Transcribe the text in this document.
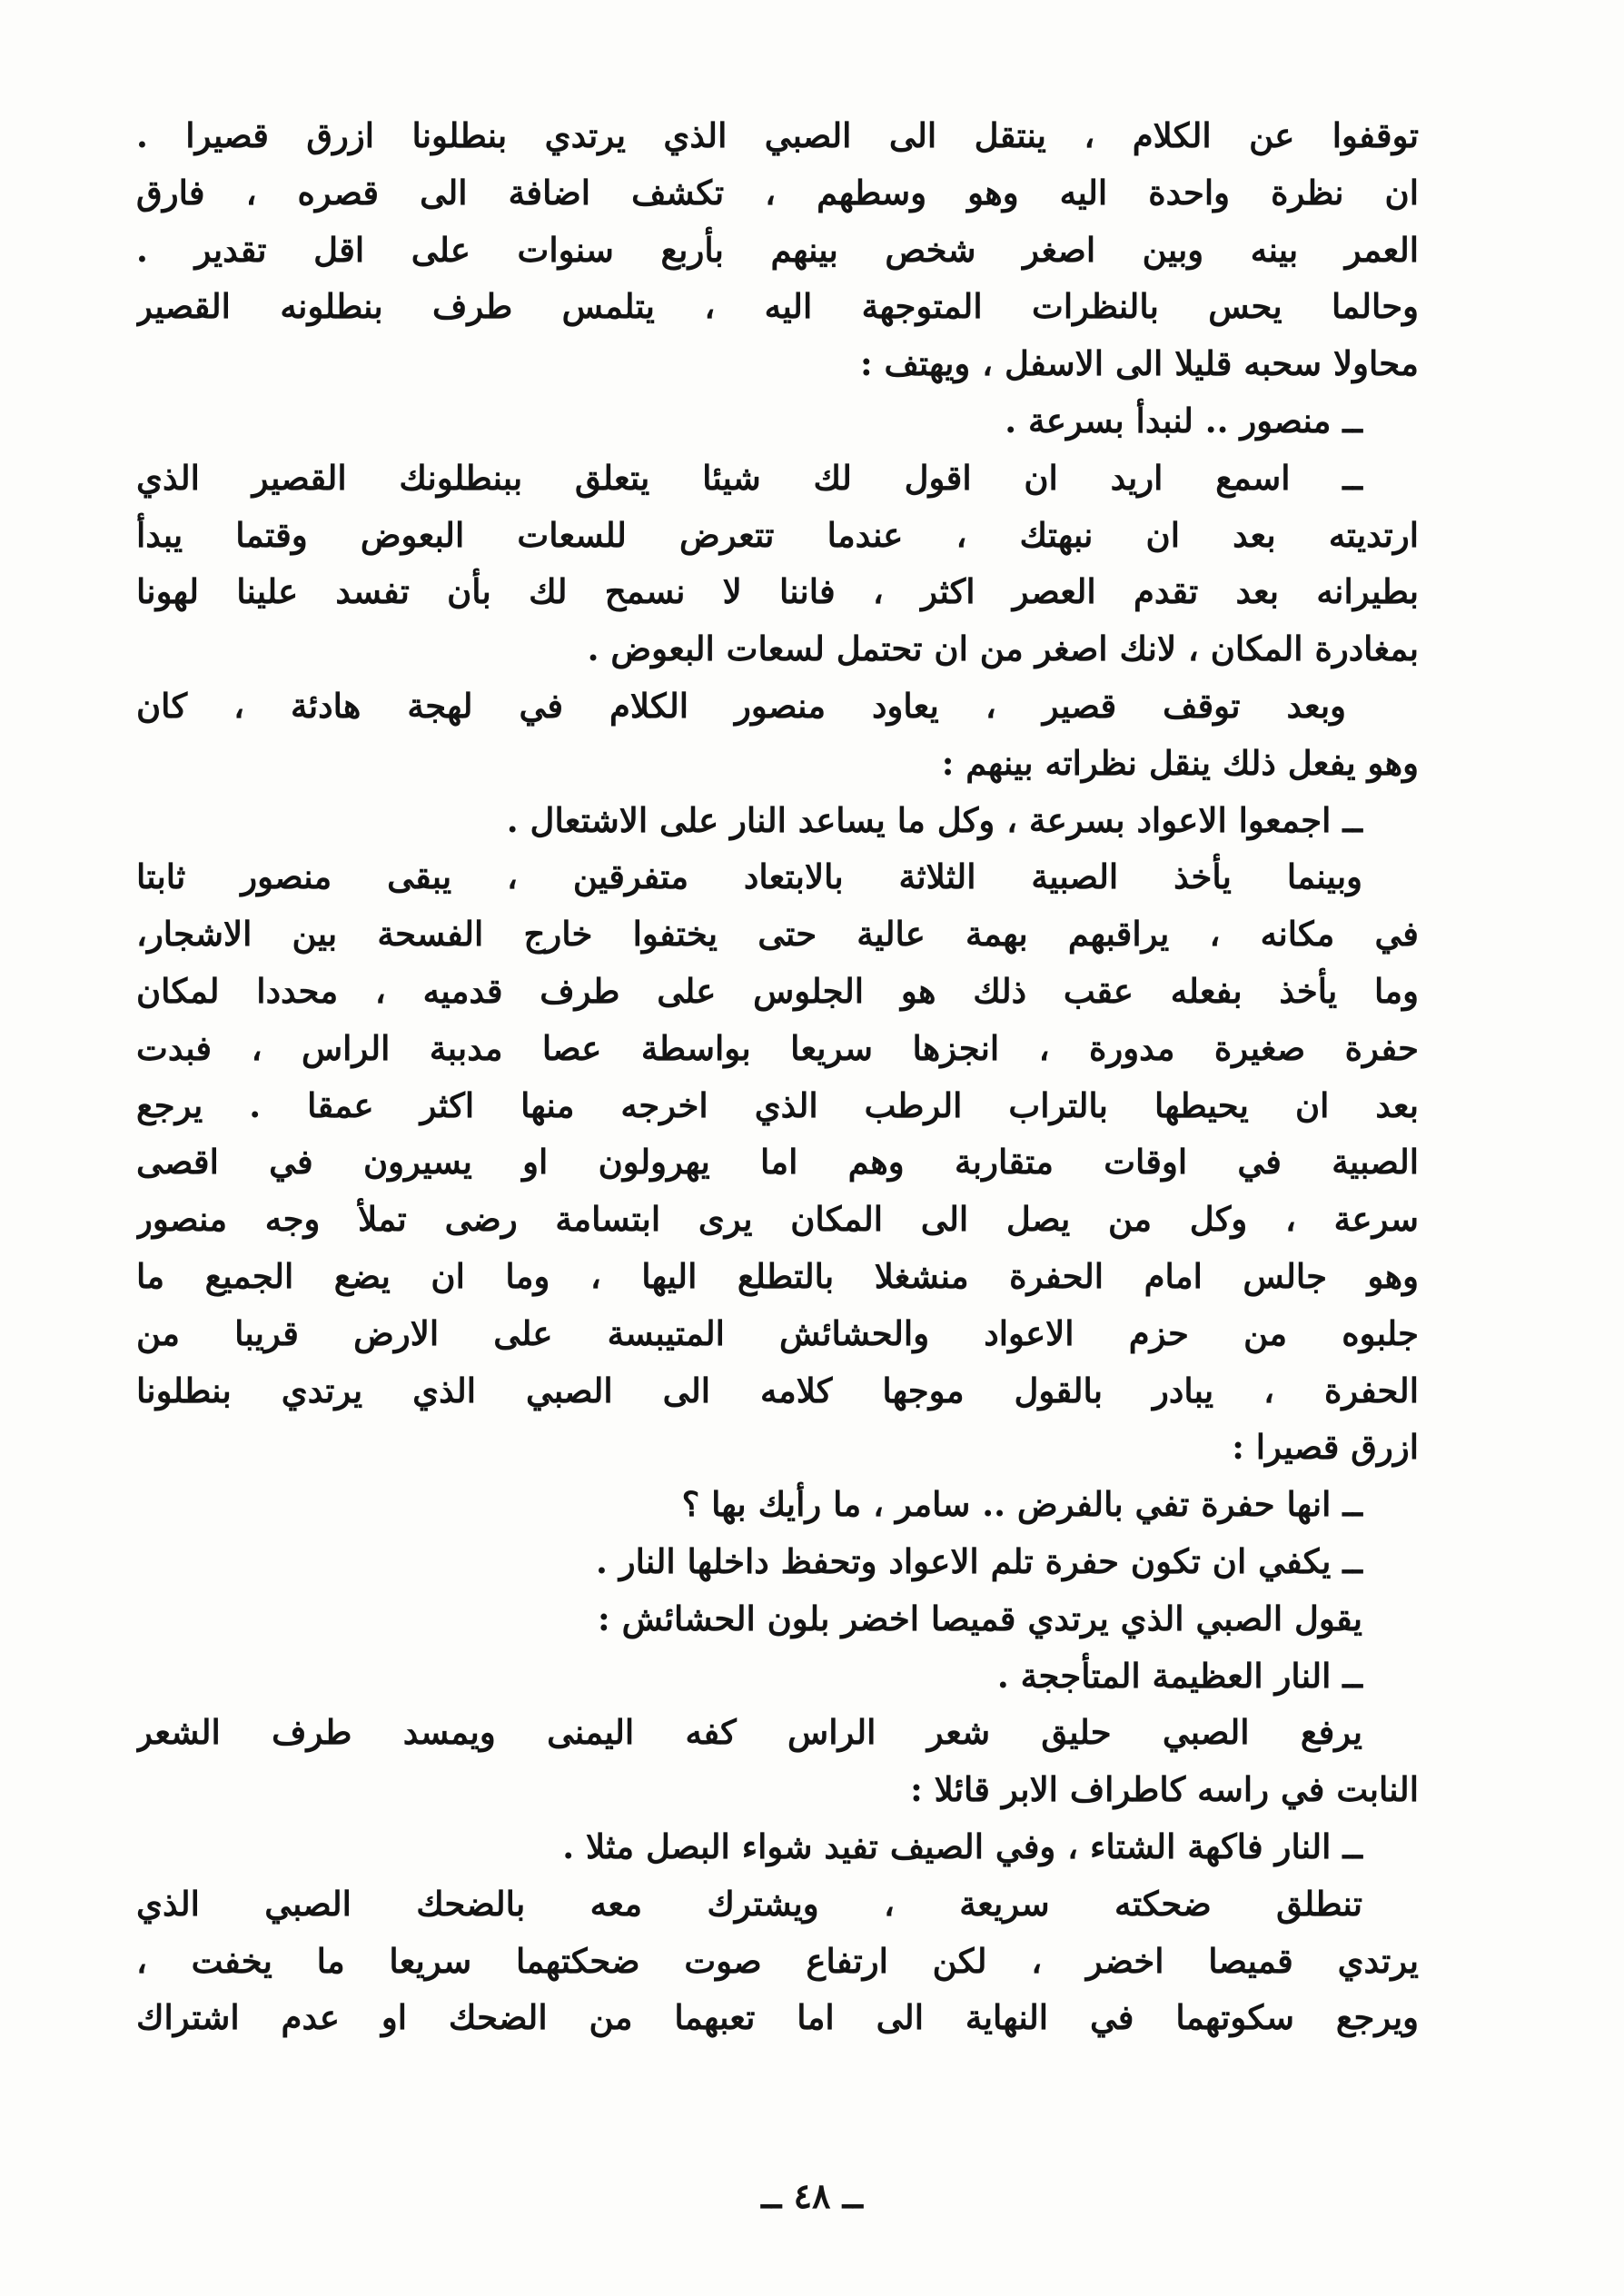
توقفوا عن الكلام ، ينتقل الى الصبي الذي يرتدي بنطلونا ازرق قصيرا .
ان نظرة واحدة اليه وهو وسطهم ، تكشف اضافة الى قصره ، فارق
العمر بينه وبين اصغر شخص بينهم بأربع سنوات على اقل تقدير .
وحالما يحس بالنظرات المتوجهة اليه ، يتلمس طرف بنطلونه القصير
محاولا سحبه قليلا الى الاسفل ، ويهتف :
ــ منصور .. لنبدأ بسرعة .
ــ اسمع اريد ان اقول لك شيئا يتعلق ببنطلونك القصير الذي
ارتديته بعد ان نبهتك ، عندما تتعرض للسعات البعوض وقتما يبدأ
بطيرانه بعد تقدم العصر اكثر ، فاننا لا نسمح لك بأن تفسد علينا لهونا
بمغادرة المكان ، لانك اصغر من ان تحتمل لسعات البعوض .
وبعد توقف قصير ، يعاود منصور الكلام في لهجة هادئة ، كان
وهو يفعل ذلك ينقل نظراته بينهم :
ــ اجمعوا الاعواد بسرعة ، وكل ما يساعد النار على الاشتعال .
وبينما يأخذ الصبية الثلاثة بالابتعاد متفرقين ، يبقى منصور ثابتا
في مكانه ، يراقبهم بهمة عالية حتى يختفوا خارج الفسحة بين الاشجار،
وما يأخذ بفعله عقب ذلك هو الجلوس على طرف قدميه ، محددا لمكان
حفرة صغيرة مدورة ، انجزها سريعا بواسطة عصا مدببة الراس ، فبدت
بعد ان يحيطها بالتراب الرطب الذي اخرجه منها اكثر عمقا . يرجع
الصبية في اوقات متقاربة وهم اما يهرولون او يسيرون في اقصى
سرعة ، وكل من يصل الى المكان يرى ابتسامة رضى تملأ وجه منصور
وهو جالس امام الحفرة منشغلا بالتطلع اليها ، وما ان يضع الجميع ما
جلبوه من حزم الاعواد والحشائش المتيبسة على الارض قريبا من
الحفرة ، يبادر بالقول موجها كلامه الى الصبي الذي يرتدي بنطلونا
ازرق قصيرا :
ــ انها حفرة تفي بالفرض .. سامر ، ما رأيك بها ؟
ــ يكفي ان تكون حفرة تلم الاعواد وتحفظ داخلها النار .
يقول الصبي الذي يرتدي قميصا اخضر بلون الحشائش :
ــ النار العظيمة المتأججة .
يرفع الصبي حليق شعر الراس كفه اليمنى ويمسد طرف الشعر
النابت في راسه كاطراف الابر قائلا :
ــ النار فاكهة الشتاء ، وفي الصيف تفيد شواء البصل مثلا .
تنطلق ضحكته سريعة ، ويشترك معه بالضحك الصبي الذي
يرتدي قميصا اخضر ، لكن ارتفاع صوت ضحكتهما سريعا ما يخفت ،
ويرجع سكوتهما في النهاية الى اما تعبهما من الضحك او عدم اشتراك
ــ ٤٨ ــ
